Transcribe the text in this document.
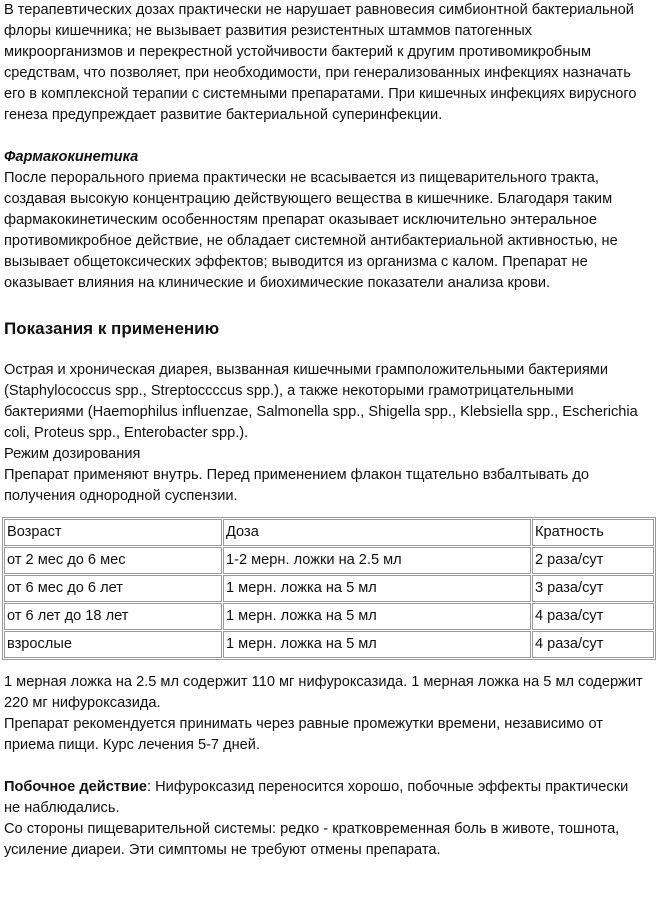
В терапевтических дозах практически не нарушает равновесия симбионтной бактериальной флоры кишечника; не вызывает развития резистентных штаммов патогенных микроорганизмов и перекрестной устойчивости бактерий к другим противомикробным средствам, что позволяет, при необходимости, при генерализованных инфекциях назначать его в комплексной терапии с системными препаратами. При кишечных инфекциях вирусного генеза предупреждает развитие бактериальной суперинфекции.

Фармакокинетика

После перорального приема практически не всасывается из пищеварительного тракта, создавая высокую концентрацию действующего вещества в кишечнике. Благодаря таким фармакокинетическим особенностям препарат оказывает исключительно энтеральное противомикробное действие, не обладает системной антибактериальной активностью, не вызывает общетоксических эффектов; выводится из организма с калом. Препарат не оказывает влияния на клинические и биохимические показатели анализа крови.

Показания к применению

Острая и хроническая диарея, вызванная кишечными грамположительными бактериями (Staphylococcus spp., Streptocсccus spp.), а также некоторыми грамотрицательными бактериями (Haemophilus influenzae, Salmonella spp., Shigella spp., Klebsiella spp., Escherichia coli, Proteus spp., Enterobacter spp.).

Режим дозирования

Препарат применяют внутрь. Перед применением флакон тщательно взбалтывать до получения однородной суспензии.

Возраст	Доза	Кратность
от 2 мес до 6 мес	1-2 мерн. ложки на 2.5 мл	2 раза/сут
от 6 мес до 6 лет	1 мерн. ложка на 5 мл	3 раза/сут
от 6 лет до 18 лет	1 мерн. ложка на 5 мл	4 раза/сут
взрослые	1 мерн. ложка на 5 мл	4 раза/сут

1 мерная ложка на 2.5 мл содержит 110 мг нифуроксазида. 1 мерная ложка на 5 мл содержит 220 мг нифуроксазида.

Препарат рекомендуется принимать через равные промежутки времени, независимо от приема пищи. Курс лечения 5-7 дней.

Побочное действие: Нифуроксазид переносится хорошо, побочные эффекты практически не наблюдались.

Со стороны пищеварительной системы: редко - кратковременная боль в животе, тошнота, усиление диареи. Эти симптомы не требуют отмены препарата.
